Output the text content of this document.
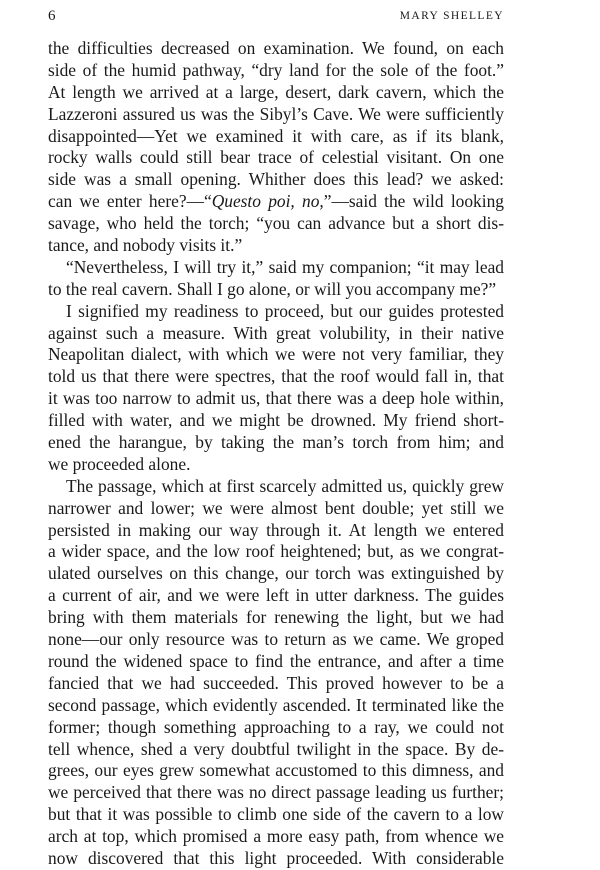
6	MARY SHELLEY
the difficulties decreased on examination. We found, on each
side of the humid pathway, “dry land for the sole of the foot.”
At length we arrived at a large, desert, dark cavern, which the
Lazzeroni assured us was the Sibyl’s Cave. We were sufficiently
disappointed—Yet we examined it with care, as if its blank,
rocky walls could still bear trace of celestial visitant. On one
side was a small opening. Whither does this lead? we asked:
can we enter here?—“Questo poi, no,”—said the wild looking
savage, who held the torch; “you can advance but a short dis-
tance, and nobody visits it.”
“Nevertheless, I will try it,” said my companion; “it may lead
to the real cavern. Shall I go alone, or will you accompany me?”
I signified my readiness to proceed, but our guides protested
against such a measure. With great volubility, in their native
Neapolitan dialect, with which we were not very familiar, they
told us that there were spectres, that the roof would fall in, that
it was too narrow to admit us, that there was a deep hole within,
filled with water, and we might be drowned. My friend short-
ened the harangue, by taking the man’s torch from him; and
we proceeded alone.
The passage, which at first scarcely admitted us, quickly grew
narrower and lower; we were almost bent double; yet still we
persisted in making our way through it. At length we entered
a wider space, and the low roof heightened; but, as we congrat-
ulated ourselves on this change, our torch was extinguished by
a current of air, and we were left in utter darkness. The guides
bring with them materials for renewing the light, but we had
none—our only resource was to return as we came. We groped
round the widened space to find the entrance, and after a time
fancied that we had succeeded. This proved however to be a
second passage, which evidently ascended. It terminated like the
former; though something approaching to a ray, we could not
tell whence, shed a very doubtful twilight in the space. By de-
grees, our eyes grew somewhat accustomed to this dimness, and
we perceived that there was no direct passage leading us further;
but that it was possible to climb one side of the cavern to a low
arch at top, which promised a more easy path, from whence we
now discovered that this light proceeded. With considerable
